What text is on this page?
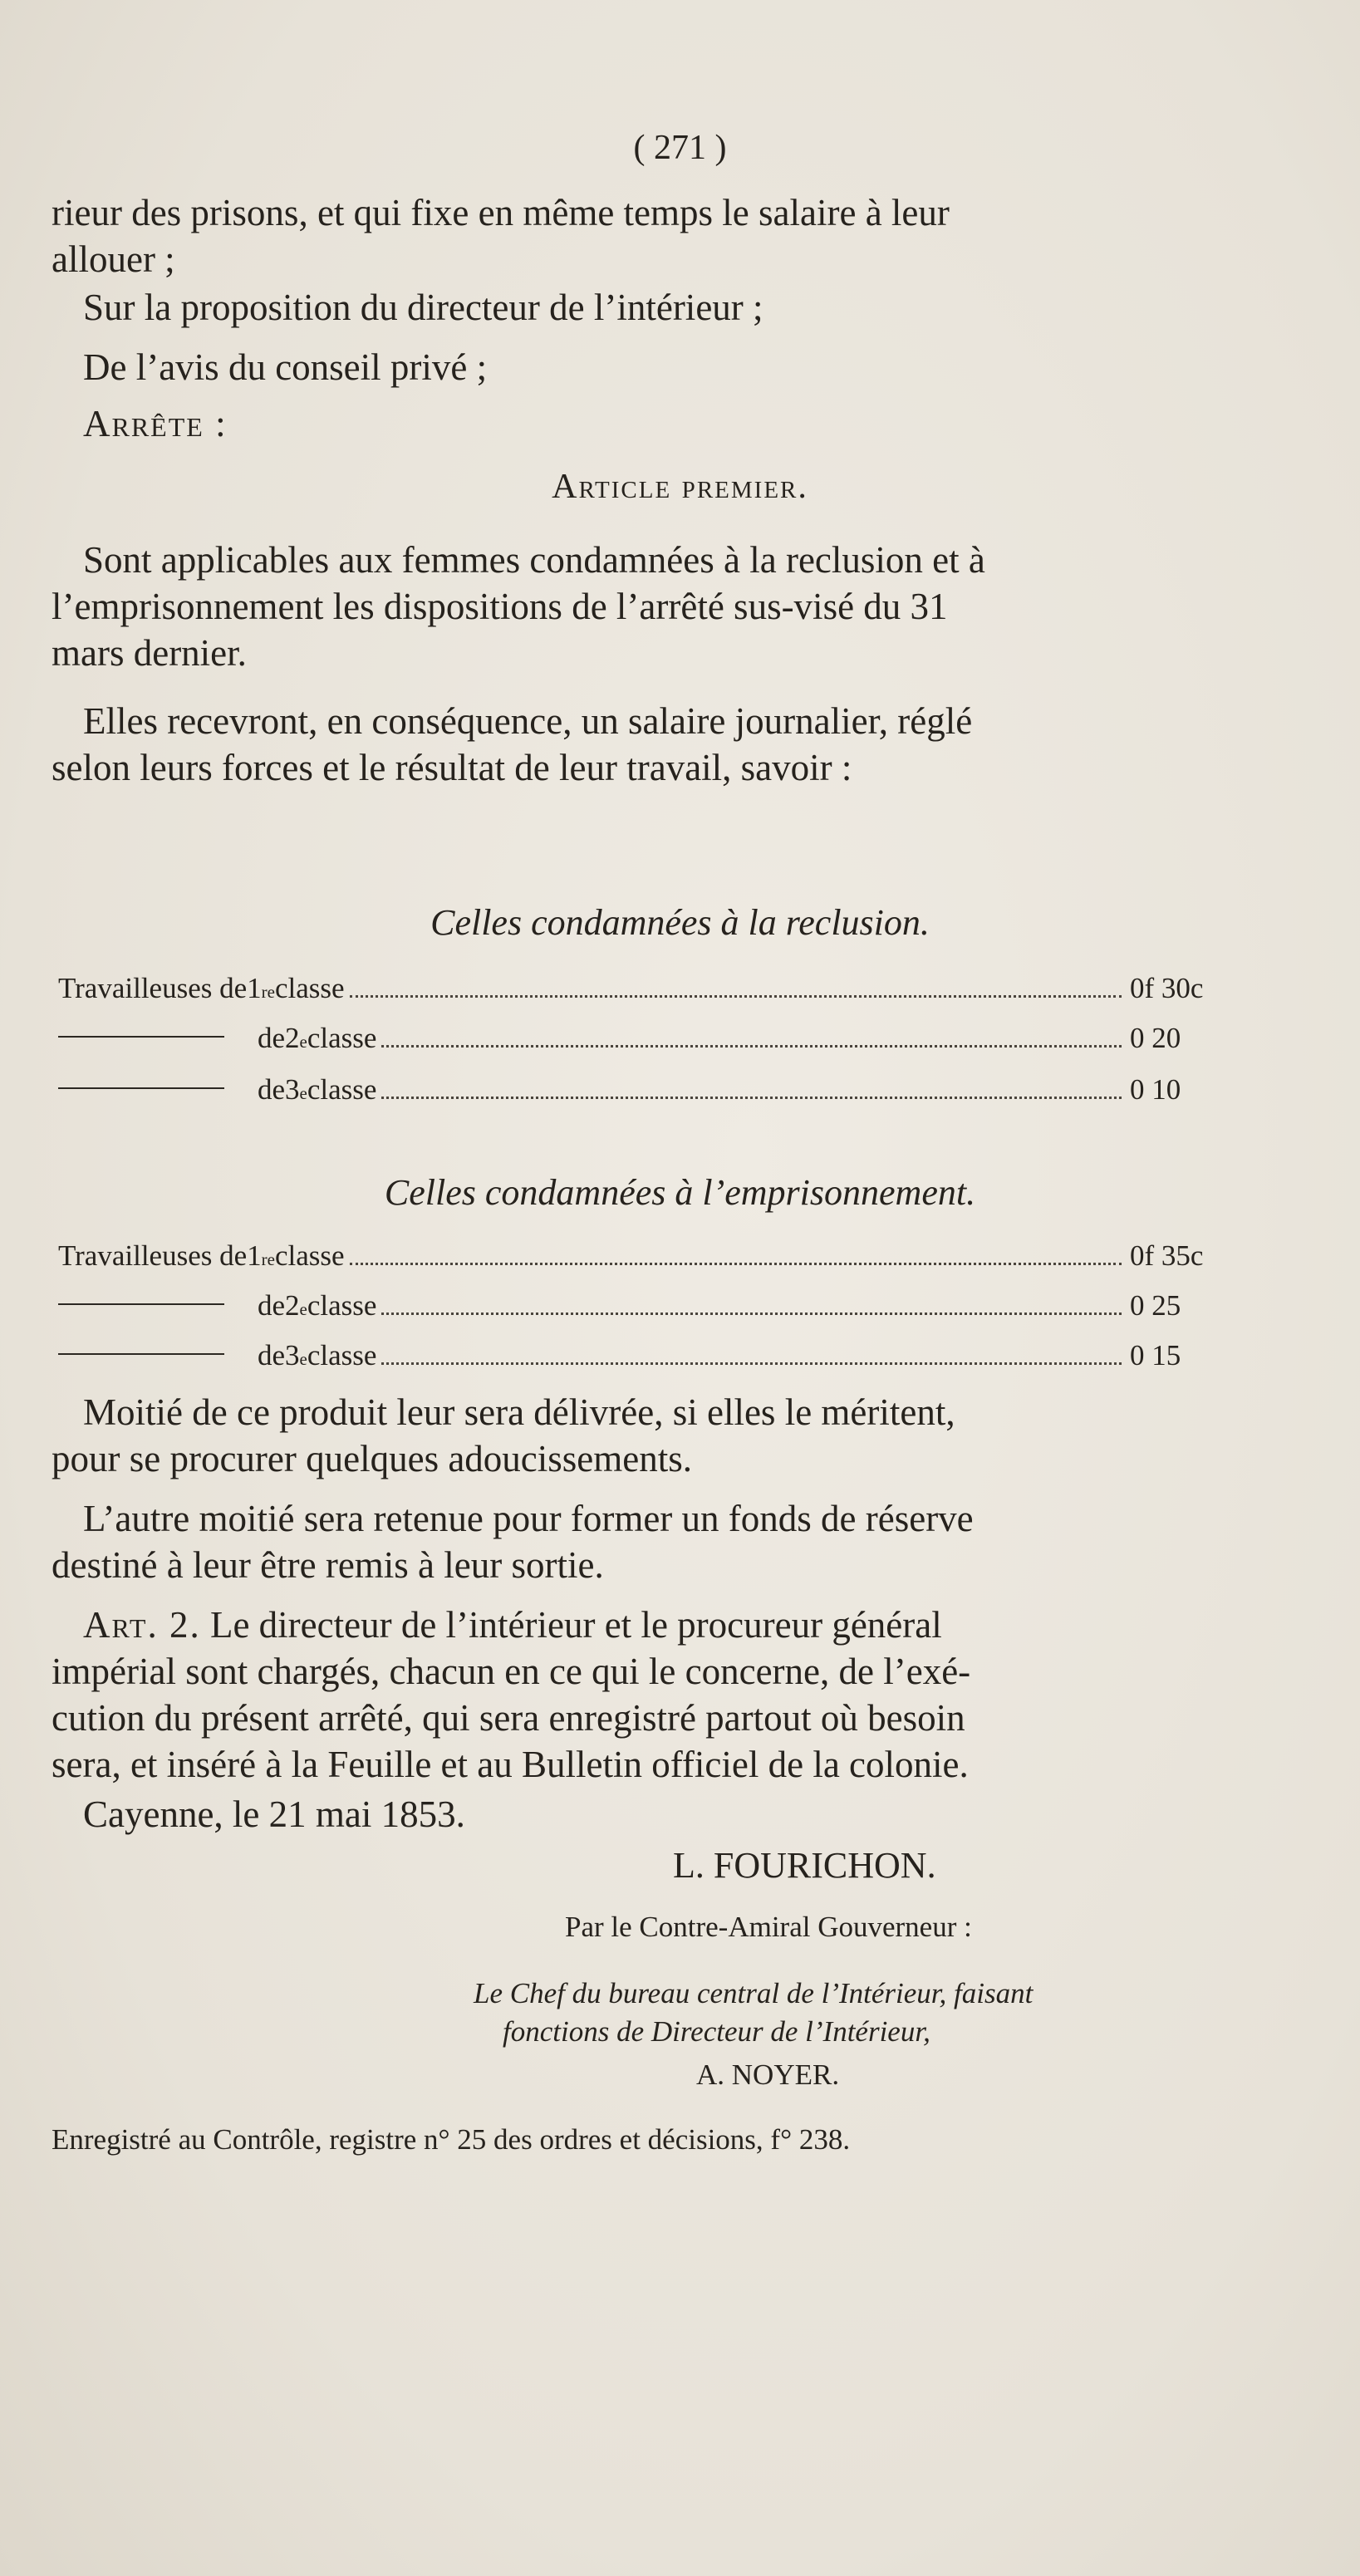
( 271 )
rieur des prisons, et qui fixe en même temps le salaire à leur
allouer ;
Sur la proposition du directeur de l’intérieur ;
De l’avis du conseil privé ;
Arrête :
Article premier.
Sont applicables aux femmes condamnées à la reclusion et à
l’emprisonnement les dispositions de l’arrêté sus-visé du 31
mars dernier.
Elles recevront, en conséquence, un salaire journalier, réglé
selon leurs forces et le résultat de leur travail, savoir :
Celles condamnées à la reclusion.
Travailleuses de 1 re classe	0f 30c
de 2 e classe	0 20
de 3 e classe	0 10
Celles condamnées à l’emprisonnement.
Travailleuses de 1 re classe	0f 35c
de 2 e classe	0 25
de 3 e classe	0 15
Moitié de ce produit leur sera délivrée, si elles le méritent,
pour se procurer quelques adoucissements.
L’autre moitié sera retenue pour former un fonds de réserve
destiné à leur être remis à leur sortie.
Art. 2. Le directeur de l’intérieur et le procureur général
impérial sont chargés, chacun en ce qui le concerne, de l’exé-
cution du présent arrêté, qui sera enregistré partout où besoin
sera, et inséré à la Feuille et au Bulletin officiel de la colonie.
Cayenne, le 21 mai 1853.
L. FOURICHON.
Par le Contre-Amiral Gouverneur :
Le Chef du bureau central de l’Intérieur, faisant
fonctions de Directeur de l’Intérieur,
A. NOYER.
Enregistré au Contrôle, registre n° 25 des ordres et décisions, f° 238.
